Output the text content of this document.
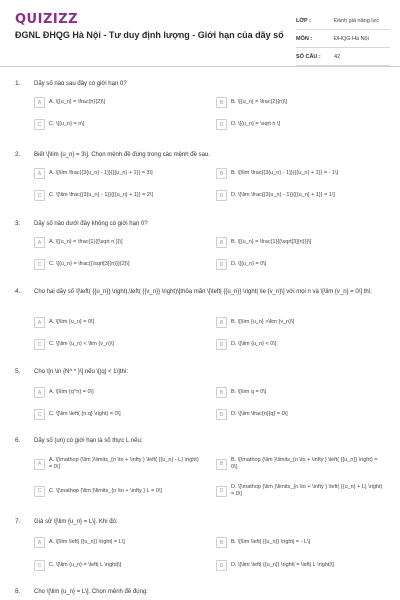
QUIZIZZ
ĐGNL ĐHQG Hà Nội - Tư duy định lượng - Giới hạn của dãy số
LỚP :	Đánh giá năng lực
MÔN :	ĐHQG Hà Nội
SỐ CÂU :	42
1. Dãy số nào sau đây có giới hạn 0?
A	A. \[{u_n} = \frac{n}{2}\]	B	B. \[{u_n} = \frac{2}{n}\]
C	C. \[{u_n} = n\]	D	D. \[{u_n} = \sqrt n \]
2. Biết \[\lim {u_n} = 3\]. Chọn mệnh đề đúng trong các mệnh đề sau.
A	A. \[\lim \frac{{3{u_n} - 1}}{{{u_n} + 1}} = 3\]	B	B. \[\lim \frac{{3{u_n} - 1}}{{{u_n} + 1}} = - 1\]
C	C. \[\lim \frac{{3{u_n} - 1}}{{{u_n} + 1}} = 2\]	D	D. \[\lim \frac{{3{u_n} - 1}}{{{u_n} + 1}} = 1\]
3. Dãy số nào dưới đây không có giới hạn 0?
A	A. \[{u_n} = \frac{1}{{\sqrt n }}\]	B	B. \[{u_n} = \frac{1}{{\sqrt[3]{n}}}\]
C	C. \[{u_n} = \frac{{\sqrt[3]{n}}}{2}\]	D	D. \[{u_n} = 0\]
4. Cho hai dãy số \[\left( {{u_n}} \right),\left( {{v_n}} \right)\]thỏa mãn \[\left| {{u_n}} \right| \le {v_n}\] với mọi n và \[\lim {v_n} = 0\] thì:
A	A. \[\lim {u_n} = 0\]	B	B. \[\lim {u_n} >\lim {v_n}\]
C	C. \[\lim {u_n} < \lim {v_n}\]	D	D. \[\lim {u_n} < 0\]
5. Cho \[n \in {N^ * }\] nếu \[|q| < 1\]thì:
A	A. \[\lim {q^n} = 0\]	B	B. \[\lim q = 0\]
C	C. \[\lim \left( {n.q} \right) = 0\]	D	D. \[\lim \frac{n}{q} = 0\]
6. Dãy số (un) có giới hạn là số thực L nếu:
A
A. \[\mathop {\lim }\limits_{n \to + \infty } \left( {{u_n} - L} \right) = 0\]	B
B. \[\mathop {\lim }\limits_{n \to + \infty } \left( {{u_n}} \right) = 0\]
C	C. \[\mathop {\lim }\limits_{n \to + \infty } L = 0\]	D
D. \[\mathop {\lim }\limits_{n \to + \infty } \left( {{u_n} + L} \right) = 0\]
7. Giả sử \[\lim {u_n} = L\]. Khi đó:
A	A. \[\lim \left| {{u_n}} \right| = L\]	B	B. \[\lim \left| {{u_n}} \right| = - L\]
C	C. \[\lim {u_n} = \left| L \right|\]	D	D. \[\lim \left| {{u_n}} \right| = \left| L \right|\]
8. Cho \[\lim {u_n} = L\]. Chọn mệnh đề đúng:
